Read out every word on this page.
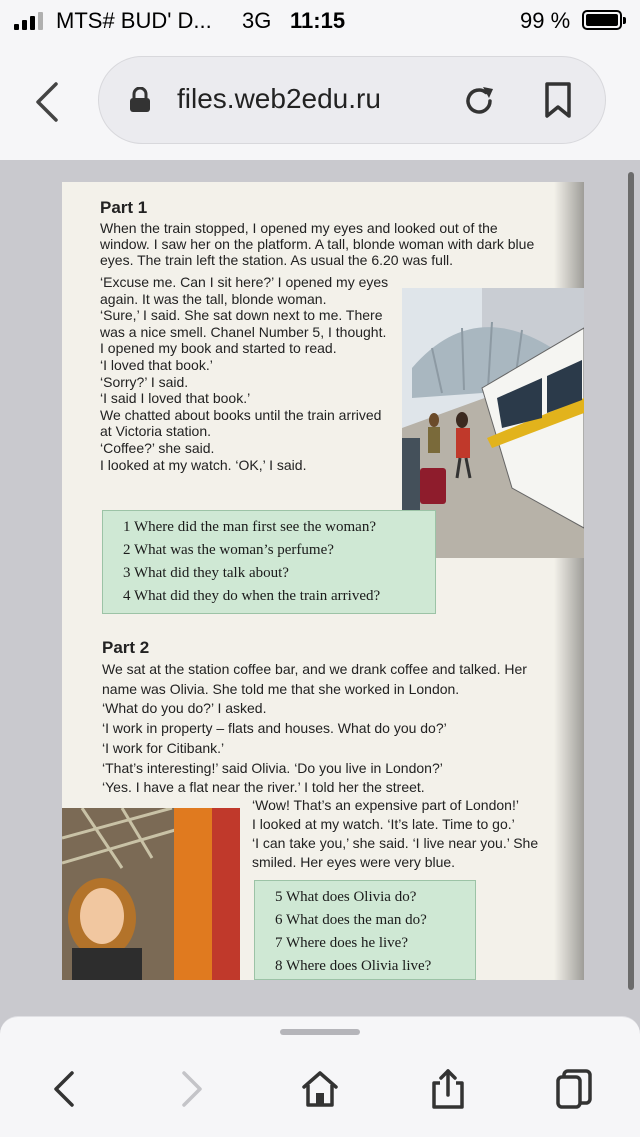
MTS# BUD' D... 3G 11:15	99 %
files.web2edu.ru
Part 1
When the train stopped, I opened my eyes and looked out of the
window. I saw her on the platform. A tall, blonde woman with dark blue
eyes. The train left the station. As usual the 6.20 was full.
‘Excuse me. Can I sit here?’ I opened my eyes
again. It was the tall, blonde woman.
‘Sure,’ I said. She sat down next to me. There
was a nice smell. Chanel Number 5, I thought.
I opened my book and started to read.
‘I loved that book.’
‘Sorry?’ I said.
‘I said I loved that book.’
We chatted about books until the train arrived
at Victoria station.
‘Coffee?’ she said.
I looked at my watch. ‘OK,’ I said.
1 Where did the man first see the woman?
2 What was the woman’s perfume?
3 What did they talk about?
4 What did they do when the train arrived?
Part 2
We sat at the station coffee bar, and we drank coffee and talked. Her
name was Olivia. She told me that she worked in London.
‘What do you do?’ I asked.
‘I work in property – flats and houses. What do you do?’
‘I work for Citibank.’
‘That’s interesting!’ said Olivia. ‘Do you live in London?’
‘Yes. I have a flat near the river.’ I told her the street.
‘Wow! That’s an expensive part of London!’
I looked at my watch. ‘It’s late. Time to go.’
‘I can take you,’ she said. ‘I live near you.’ She
smiled. Her eyes were very blue.
5 What does Olivia do?
6 What does the man do?
7 Where does he live?
8 Where does Olivia live?
